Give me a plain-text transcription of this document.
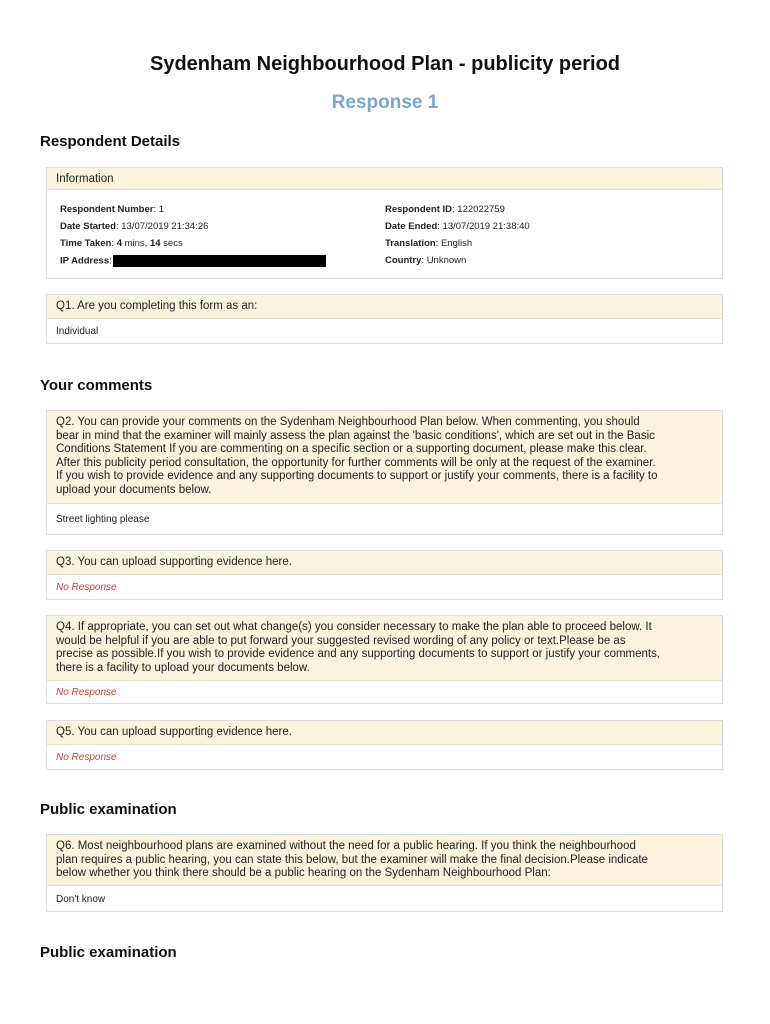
Sydenham Neighbourhood Plan - publicity period
Response 1
Respondent Details
Information
Respondent Number: 1	Respondent ID: 122022759
Date Started: 13/07/2019 21:34:26	Date Ended: 13/07/2019 21:38:40
Time Taken: 4 mins, 14 secs	Translation: English
IP Address:	Country: Unknown
Q1. Are you completing this form as an:
Individual
Your comments
Q2. You can provide your comments on the Sydenham Neighbourhood Plan below. When commenting, you should
bear in mind that the examiner will mainly assess the plan against the 'basic conditions', which are set out in the Basic
Conditions Statement If you are commenting on a specific section or a supporting document, please make this clear.
After this publicity period consultation, the opportunity for further comments will be only at the request of the examiner.
If you wish to provide evidence and any supporting documents to support or justify your comments, there is a facility to
upload your documents below.
Street lighting please
Q3. You can upload supporting evidence here.
No Response
Q4. If appropriate, you can set out what change(s) you consider necessary to make the plan able to proceed below. It
would be helpful if you are able to put forward your suggested revised wording of any policy or text.Please be as
precise as possible.If you wish to provide evidence and any supporting documents to support or justify your comments,
there is a facility to upload your documents below.
No Response
Q5. You can upload supporting evidence here.
No Response
Public examination
Q6. Most neighbourhood plans are examined without the need for a public hearing. If you think the neighbourhood
plan requires a public hearing, you can state this below, but the examiner will make the final decision.Please indicate
below whether you think there should be a public hearing on the Sydenham Neighbourhood Plan:
Don't know
Public examination
